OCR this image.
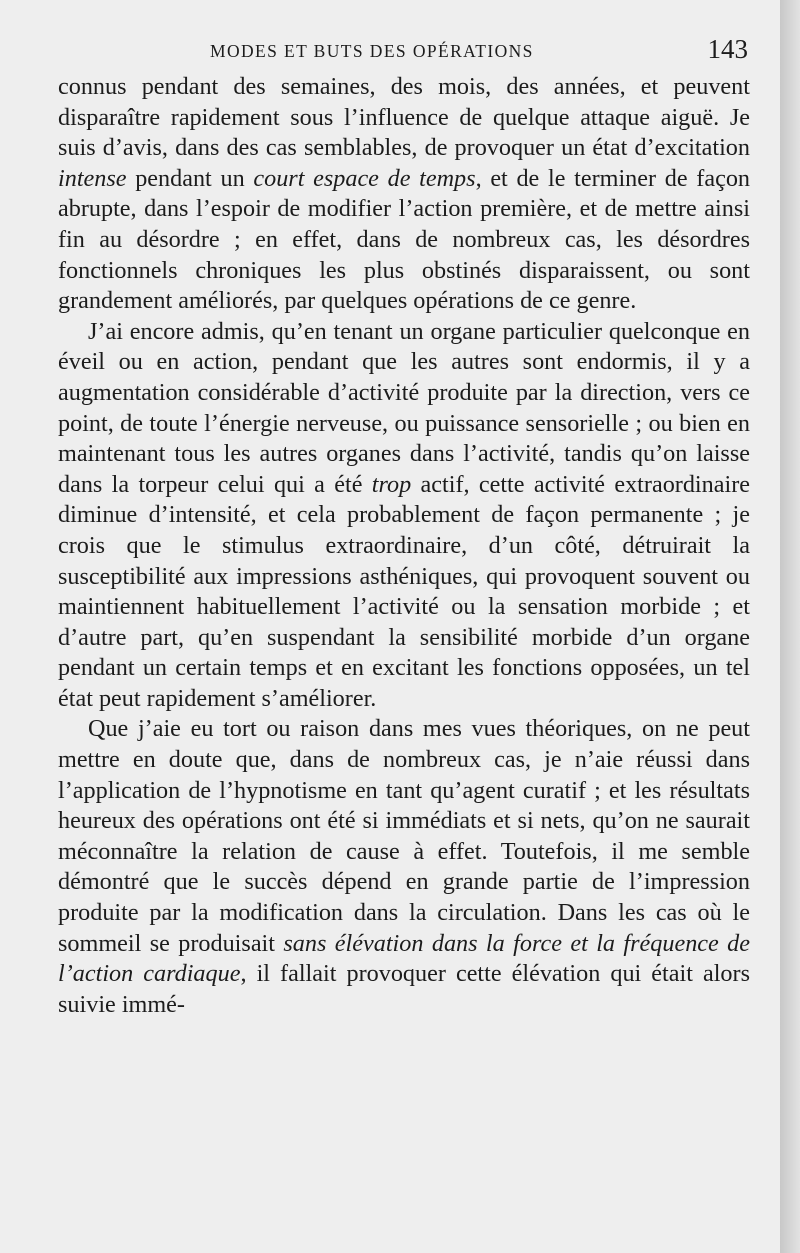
MODES ET BUTS DES OPÉRATIONS	143

connus pendant des semaines, des mois, des années, et peuvent disparaître rapidement sous l’influence de quelque attaque aiguë. Je suis d’avis, dans des cas semblables, de provoquer un état d’excitation intense pendant un court espace de temps, et de le terminer de façon abrupte, dans l’espoir de modifier l’action première, et de mettre ainsi fin au désordre ; en effet, dans de nombreux cas, les désordres fonctionnels chroniques les plus obstinés disparaissent, ou sont grandement améliorés, par quelques opérations de ce genre.

J’ai encore admis, qu’en tenant un organe particulier quelconque en éveil ou en action, pendant que les autres sont endormis, il y a augmentation considérable d’activité produite par la direction, vers ce point, de toute l’énergie nerveuse, ou puissance sensorielle ; ou bien en maintenant tous les autres organes dans l’activité, tandis qu’on laisse dans la torpeur celui qui a été trop actif, cette activité extraordinaire diminue d’intensité, et cela probablement de façon permanente ; je crois que le stimulus extraordinaire, d’un côté, détruirait la susceptibilité aux impressions asthéniques, qui provoquent souvent ou maintiennent habituellement l’activité ou la sensation morbide ; et d’autre part, qu’en suspendant la sensibilité morbide d’un organe pendant un certain temps et en excitant les fonctions opposées, un tel état peut rapidement s’améliorer.

Que j’aie eu tort ou raison dans mes vues théoriques, on ne peut mettre en doute que, dans de nombreux cas, je n’aie réussi dans l’application de l’hypnotisme en tant qu’agent curatif ; et les résultats heureux des opérations ont été si immédiats et si nets, qu’on ne saurait méconnaître la relation de cause à effet. Toutefois, il me semble démontré que le succès dépend en grande partie de l’impression produite par la modification dans la circulation. Dans les cas où le sommeil se produisait sans élévation dans la force et la fréquence de l’action cardiaque, il fallait provoquer cette élévation qui était alors suivie immé-
